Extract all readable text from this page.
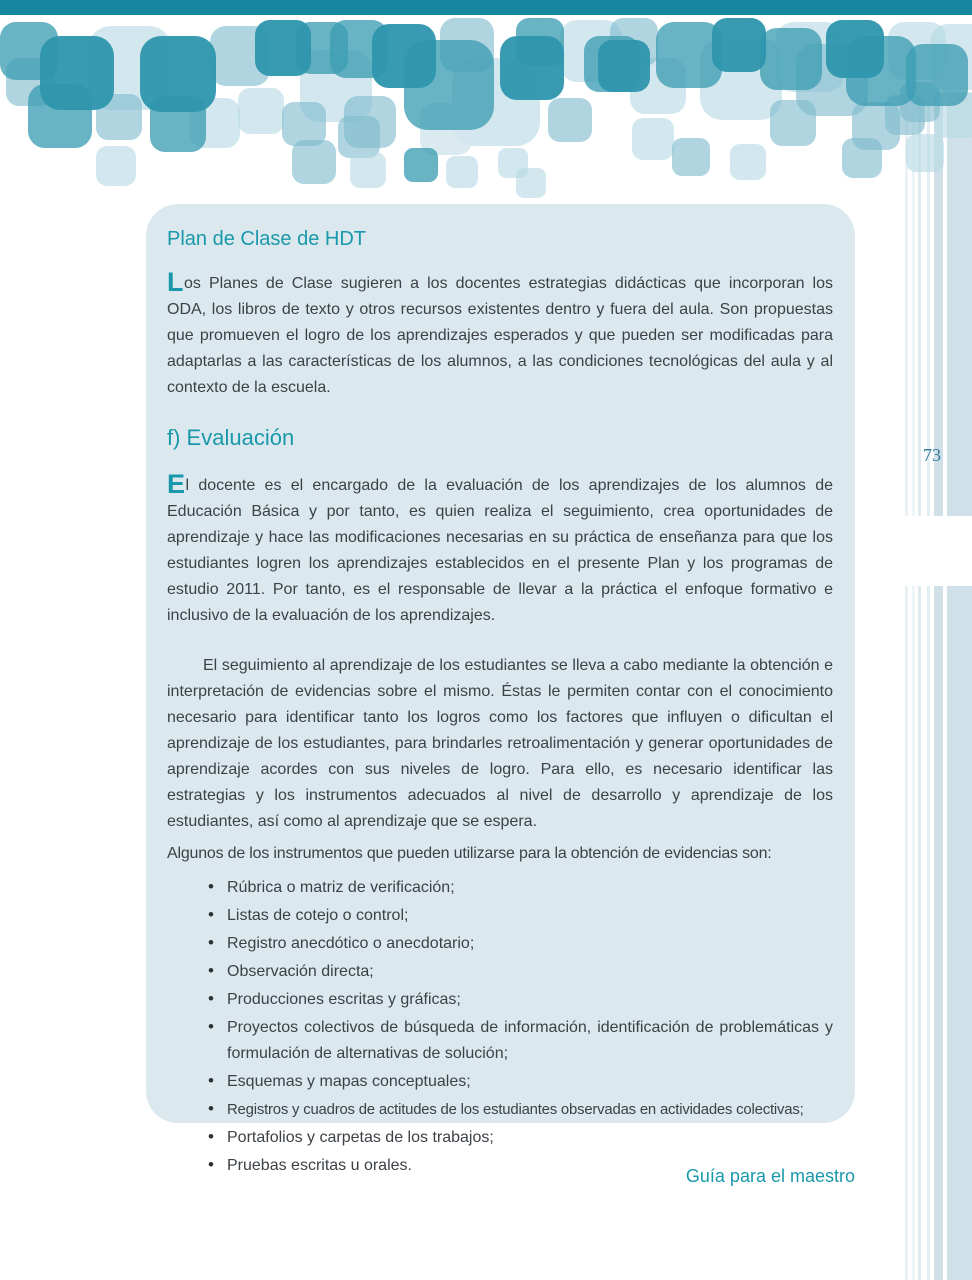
73
Plan de Clase de HDT

Los Planes de Clase sugieren a los docentes estrategias didácticas que incorporan los ODA, los libros de texto y otros recursos existentes dentro y fuera del aula. Son propuestas que promueven el logro de los aprendizajes esperados y que pueden ser modificadas para adaptarlas a las características de los alumnos, a las condiciones tecnológicas del aula y al contexto de la escuela.

f) Evaluación

El docente es el encargado de la evaluación de los aprendizajes de los alumnos de Educación Básica y por tanto, es quien realiza el seguimiento, crea oportunidades de aprendizaje y hace las modificaciones necesarias en su práctica de enseñanza para que los estudiantes logren los aprendizajes establecidos en el presente Plan y los programas de estudio 2011. Por tanto, es el responsable de llevar a la práctica el enfoque formativo e inclusivo de la evaluación de los aprendizajes.

El seguimiento al aprendizaje de los estudiantes se lleva a cabo mediante la obtención e interpretación de evidencias sobre el mismo. Éstas le permiten contar con el conocimiento necesario para identificar tanto los logros como los factores que influyen o dificultan el aprendizaje de los estudiantes, para brindarles retroalimentación y generar oportunidades de aprendizaje acordes con sus niveles de logro. Para ello, es necesario identificar las estrategias y los instrumentos adecuados al nivel de desarrollo y aprendizaje de los estudiantes, así como al aprendizaje que se espera.

Algunos de los instrumentos que pueden utilizarse para la obtención de evidencias son:

• Rúbrica o matriz de verificación;
• Listas de cotejo o control;
• Registro anecdótico o anecdotario;
• Observación directa;
• Producciones escritas y gráficas;
• Proyectos colectivos de búsqueda de información, identificación de problemáticas y formulación de alternativas de solución;
• Esquemas y mapas conceptuales;
• Registros y cuadros de actitudes de los estudiantes observadas en actividades colectivas;
• Portafolios y carpetas de los trabajos;
• Pruebas escritas u orales.
Guía para el maestro
